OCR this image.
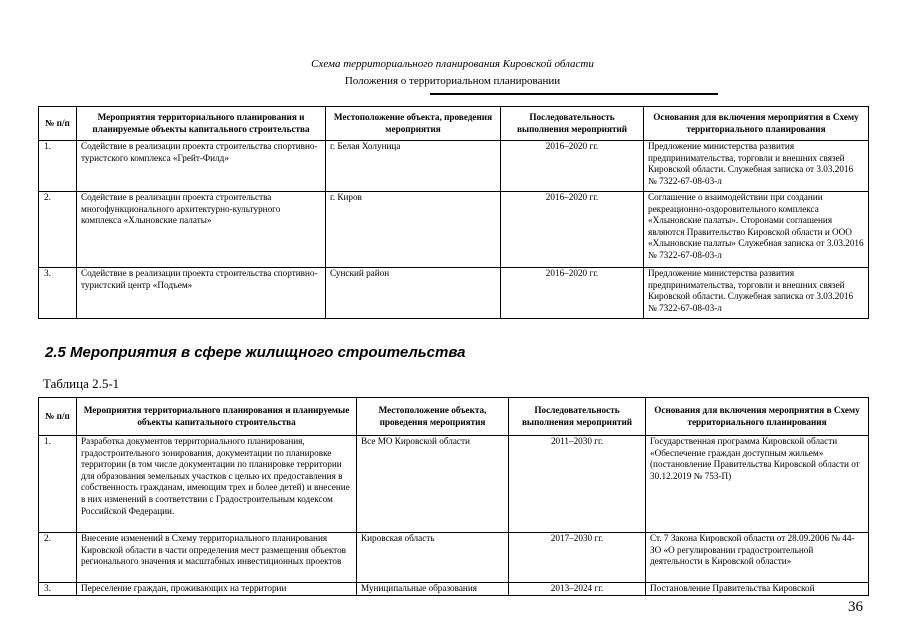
Схема территориального планирования Кировской области
Положения о территориальном планировании
№ п/п	Мероприятия территориального планирования и планируемые объекты капитального строительства	Местоположение объекта, проведения мероприятия	Последовательность выполнения мероприятий	Основания для включения мероприятия в Схему территориального планирования
1.	Содействие в реализации проекта строительства спортивно-туристского комплекса «Грейт-Филд»	г. Белая Холуница	2016–2020 гг.	Предложение министерства развития предпринимательства, торговли и внешних связей Кировской области. Служебная записка от 3.03.2016 № 7322-67-08-03-л
2.	Содействие в реализации проекта строительства многофункционального архитектурно-культурного комплекса «Хлыновские палаты»	г. Киров	2016–2020 гг.	Соглашение о взаимодействии при создании рекреационно-оздоровительного комплекса «Хлыновские палаты». Сторонами соглашения являются Правительство Кировской области и ООО «Хлыновские палаты» Служебная записка от 3.03.2016 № 7322-67-08-03-л
3.	Содействие в реализации проекта строительства спортивно-туристский центр «Подъем»	Сунский район	2016–2020 гг.	Предложение министерства развития предпринимательства, торговли и внешних связей Кировской области. Служебная записка от 3.03.2016 № 7322-67-08-03-л
2.5 Мероприятия в сфере жилищного строительства
Таблица 2.5-1
№ п/п	Мероприятия территориального планирования и планируемые объекты капитального строительства	Местоположение объекта, проведения мероприятия	Последовательность выполнения мероприятий	Основания для включения мероприятия в Схему территориального планирования
1.	Разработка документов территориального планирования, градостроительного зонирования, документации по планировке территории (в том числе документации по планировке территории для образования земельных участков с целью их предоставления в собственность гражданам, имеющим трех и более детей) и внесение в них изменений в соответствии с Градостроительным кодексом Российской Федерации.	Все МО Кировской области	2011–2030 гг.	Государственная программа Кировской области «Обеспечение граждан доступным жильем» (постановление Правительства Кировской области от 30.12.2019 № 753-П)
2.	Внесение изменений в Схему территориального планирования Кировской области в части определения мест размещения объектов регионального значения и масштабных инвестиционных проектов	Кировская область	2017–2030 гг.	Ст. 7 Закона Кировской области от 28.09.2006 № 44-ЗО «О регулировании градостроительной деятельности в Кировской области»
3.	Переселение граждан, проживающих на территории	Муниципальные образования	2013–2024 гг.	Постановление Правительства Кировской
36
